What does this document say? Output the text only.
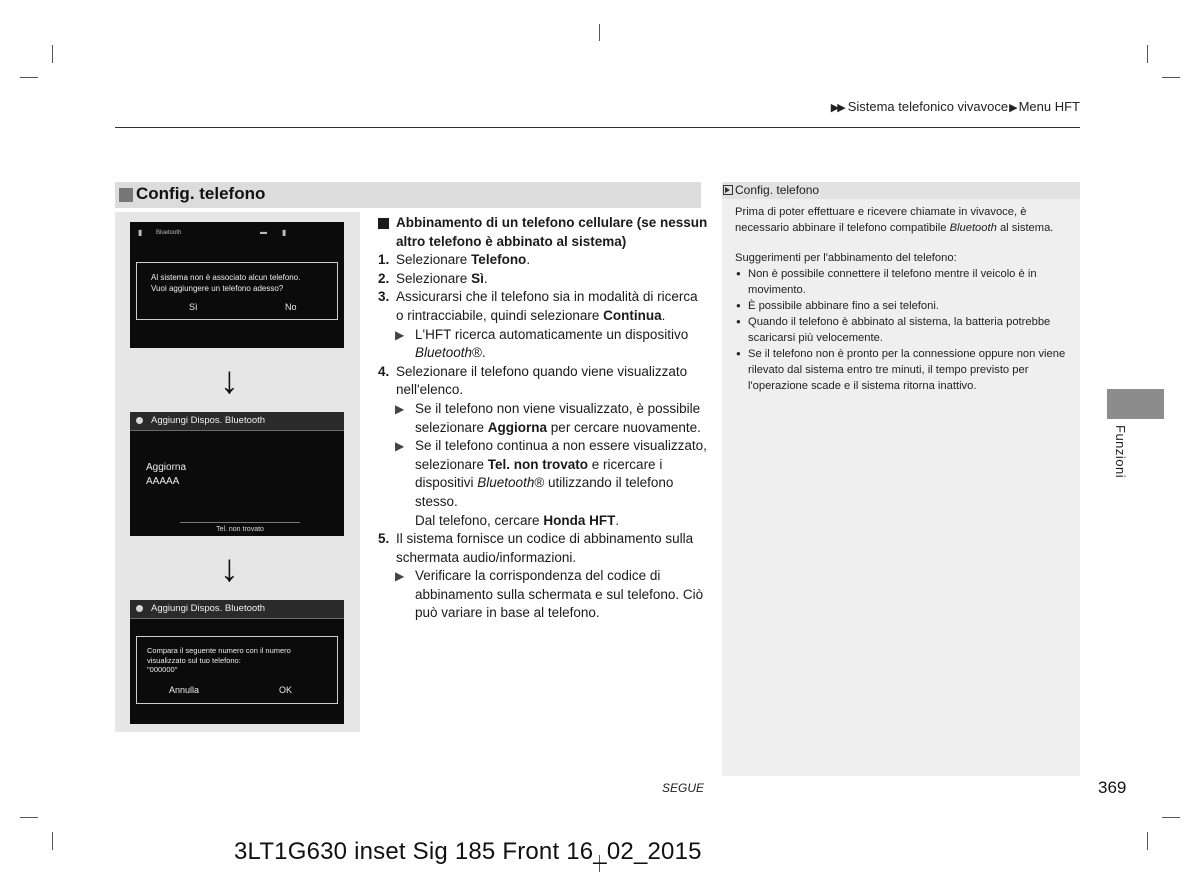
▶▶ Sistema telefonico vivavoce▶Menu HFT
Config. telefono
▮ Bluetooth	▬ ▮
Al sistema non è associato alcun telefono.
Vuoi aggiungere un telefono adesso?
Sì	No
↓
Aggiungi Dispos. Bluetooth
Aggiorna
AAAAA
Tel. non trovato
↓
Aggiungi Dispos. Bluetooth
Compara il seguente numero con il numero
visualizzato sul tuo telefono:
"000000"
Annulla	OK

Abbinamento di un telefono cellulare (se nessun altro telefono è abbinato al sistema)

1. Selezionare Telefono.

2. Selezionare Sì.

3. Assicurarsi che il telefono sia in modalità di ricerca o rintracciabile, quindi selezionare Continua.

▶ L'HFT ricerca automaticamente un dispositivo Bluetooth®.

4. Selezionare il telefono quando viene visualizzato nell'elenco.

▶ Se il telefono non viene visualizzato, è possibile selezionare Aggiorna per cercare nuovamente.

▶ Se il telefono continua a non essere visualizzato, selezionare Tel. non trovato e ricercare i dispositivi Bluetooth® utilizzando il telefono stesso.

Dal telefono, cercare Honda HFT.

5. Il sistema fornisce un codice di abbinamento sulla schermata audio/informazioni.

▶ Verificare la corrispondenza del codice di abbinamento sulla schermata e sul telefono. Ciò può variare in base al telefono.

Config. telefono

Prima di poter effettuare e ricevere chiamate in vivavoce, è necessario abbinare il telefono compatibile Bluetooth al sistema.

Suggerimenti per l'abbinamento del telefono:

● Non è possibile connettere il telefono mentre il veicolo è in movimento.
● È possibile abbinare fino a sei telefoni.
● Quando il telefono è abbinato al sistema, la batteria potrebbe scaricarsi più velocemente.
● Se il telefono non è pronto per la connessione oppure non viene rilevato dal sistema entro tre minuti, il tempo previsto per l'operazione scade e il sistema ritorna inattivo.
Funzioni
SEGUE	369
3LT1G630 inset Sig 185 Front 16_02_2015
